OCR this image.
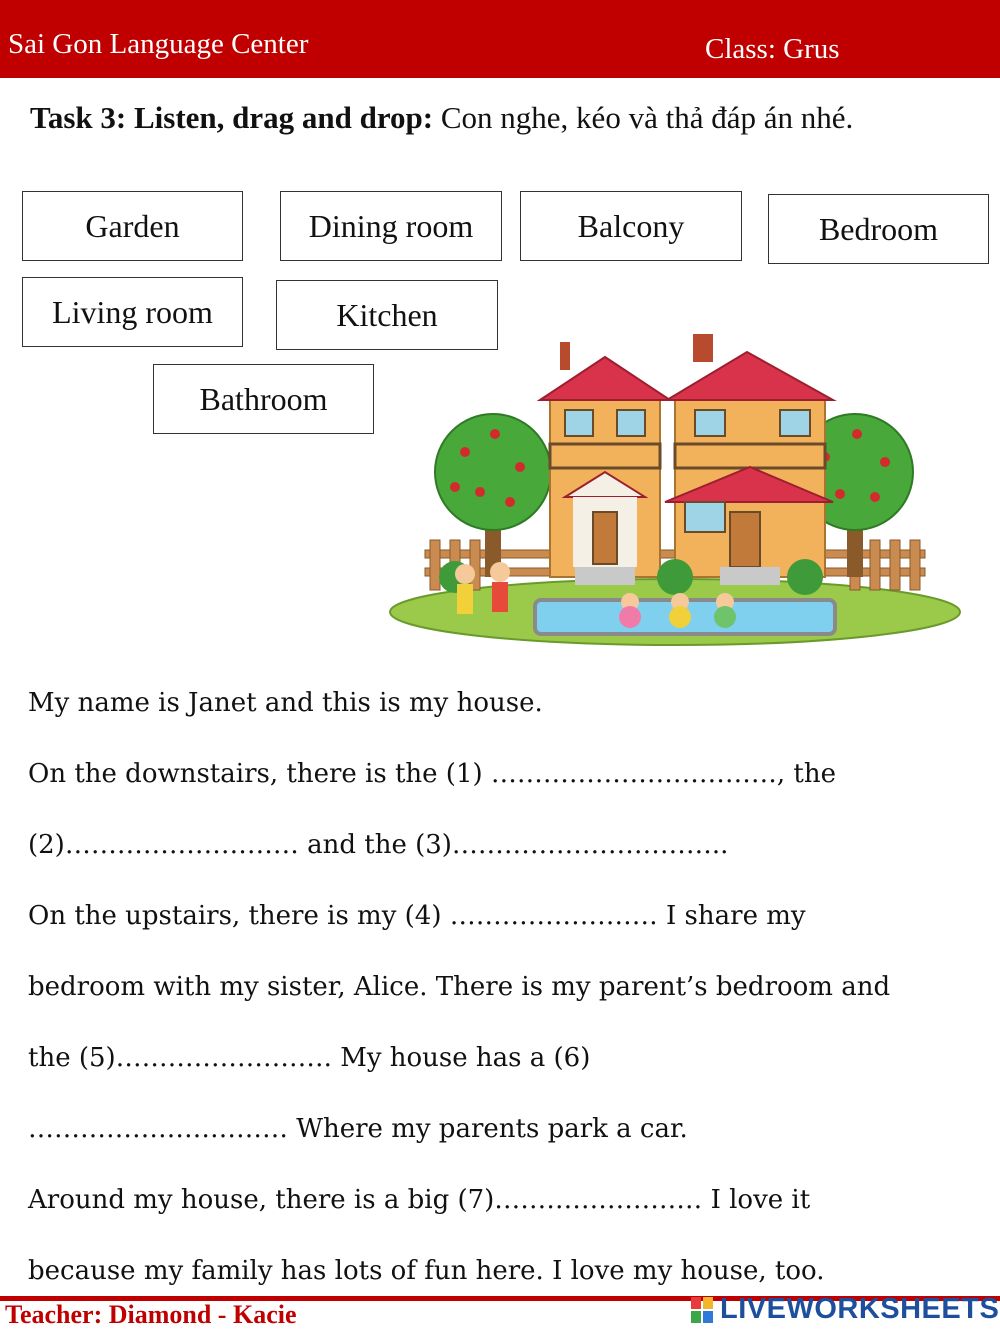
Sai Gon Language Center	Class: Grus
Task 3: Listen, drag and drop: Con nghe, kéo và thả đáp án nhé.
Garden	Dining room	Balcony	Bedroom
Living room	Kitchen
Bathroom
My name is Janet and this is my house.
On the downstairs, there is the (1) ……………………………, the
(2)……………………… and the (3)…………………………..
On the upstairs, there is my (4) …………………… I share my
bedroom with my sister, Alice. There is my parent’s bedroom and
the (5)……………………. My house has a (6)
………………………… Where my parents park a car.
Around my house, there is a big (7)…………………… I love it
because my family has lots of fun here. I love my house, too.
Teacher: Diamond - Kacie	LIVEWORKSHEETS
